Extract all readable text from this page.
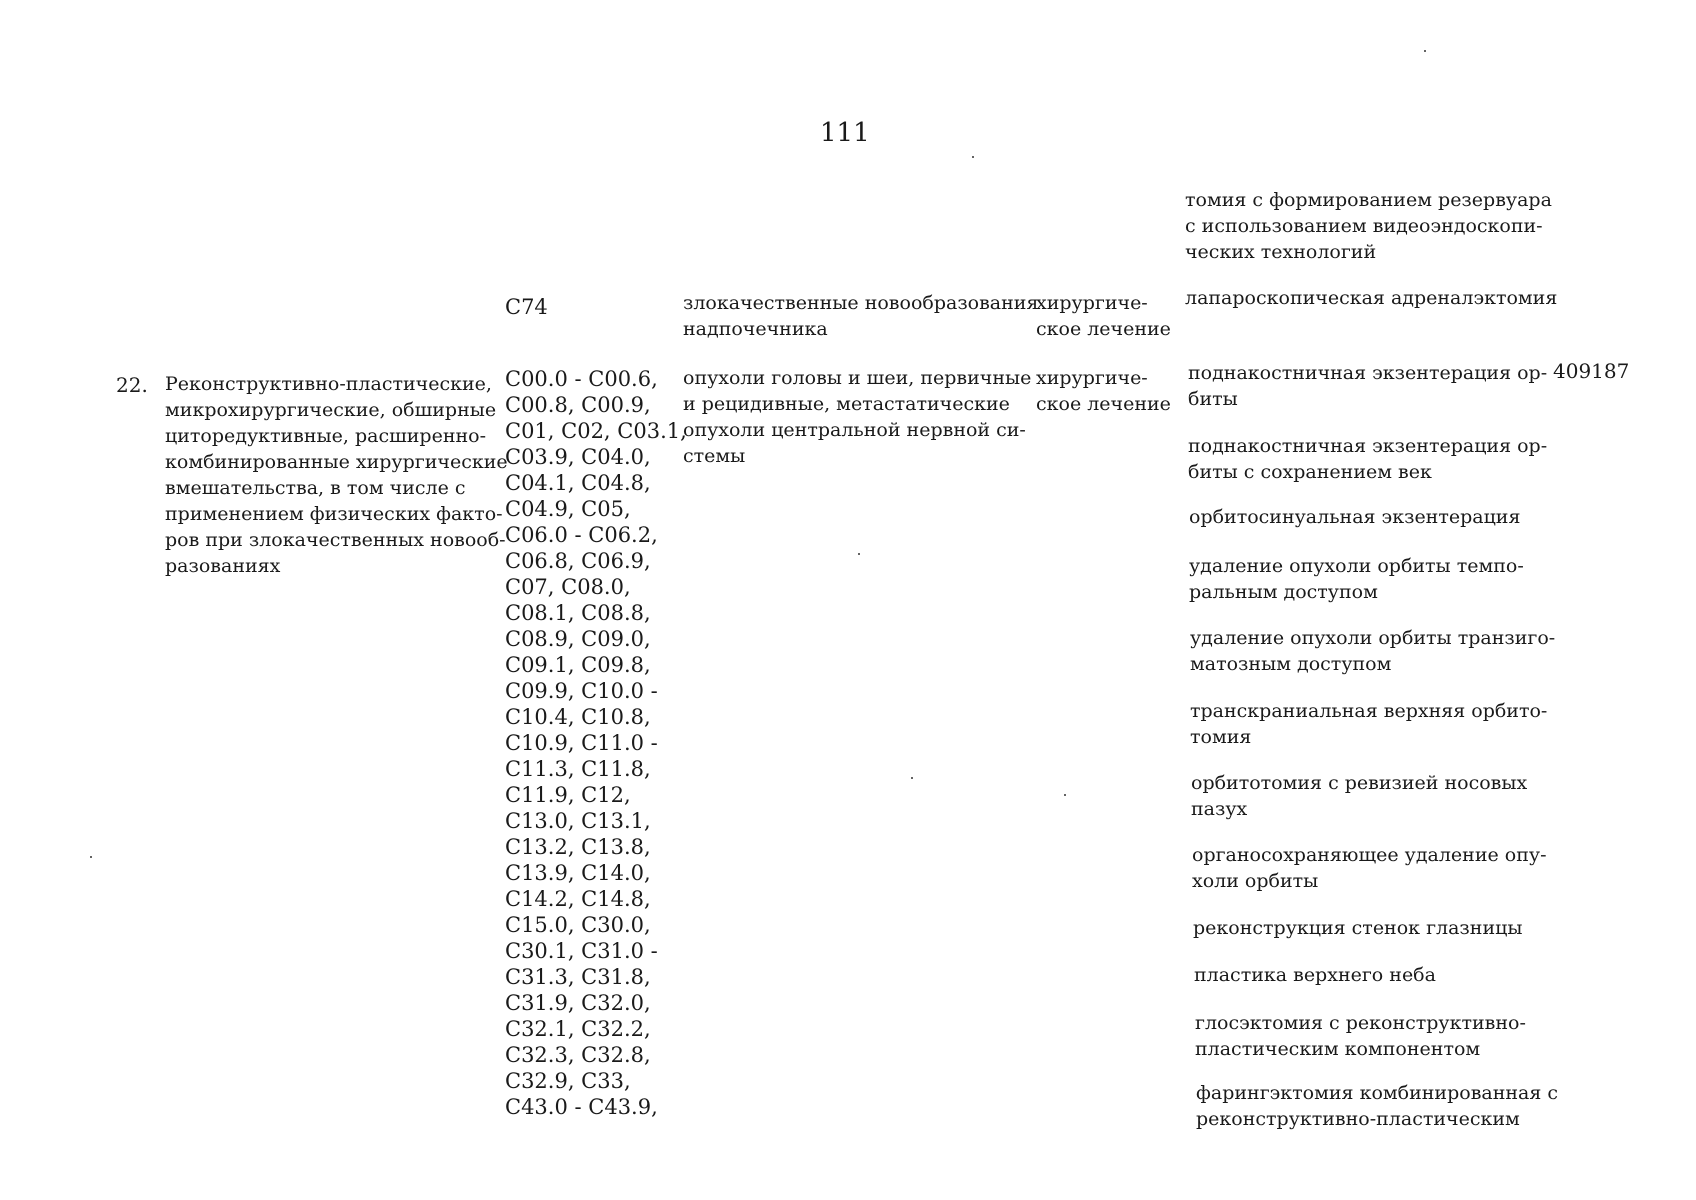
111
томия с формированием резервуара
с использованием видеоэндоскопи-
ческих технологий
C74	злокачественные новообразования
надпочечника
хирургиче-
ское лечение
лапароскопическая адреналэктомия
22. Реконструктивно-пластические,
микрохирургические, обширные
циторедуктивные, расширенно-
комбинированные хирургические
вмешательства, в том числе с
применением физических факто-
ров при злокачественных новооб-
разованиях
C00.0 - C00.6,
C00.8, C00.9,
C01, C02, C03.1,
C03.9, C04.0,
C04.1, C04.8,
C04.9, C05,
C06.0 - C06.2,
C06.8, C06.9,
C07, C08.0,
C08.1, C08.8,
C08.9, C09.0,
C09.1, C09.8,
C09.9, C10.0 -
C10.4, C10.8,
C10.9, C11.0 -
C11.3, C11.8,
C11.9, C12,
C13.0, C13.1,
C13.2, C13.8,
C13.9, C14.0,
C14.2, C14.8,
C15.0, C30.0,
C30.1, C31.0 -
C31.3, C31.8,
C31.9, C32.0,
C32.1, C32.2,
C32.3, C32.8,
C32.9, C33,
C43.0 - C43.9,
опухоли головы и шеи, первичные
и рецидивные, метастатические
опухоли центральной нервной си-
стемы
хирургиче-
ское лечение
409187
поднакостничная экзентерация ор-
биты
поднакостничная экзентерация ор-
биты с сохранением век
орбитосинуальная экзентерация
удаление опухоли орбиты темпо-
ральным доступом
удаление опухоли орбиты транзиго-
матозным доступом
транскраниальная верхняя орбито-
томия
орбитотомия с ревизией носовых
пазух
органосохраняющее удаление опу-
холи орбиты
реконструкция стенок глазницы
пластика верхнего неба
глосэктомия с реконструктивно-
пластическим компонентом
фарингэктомия комбинированная с
реконструктивно-пластическим
